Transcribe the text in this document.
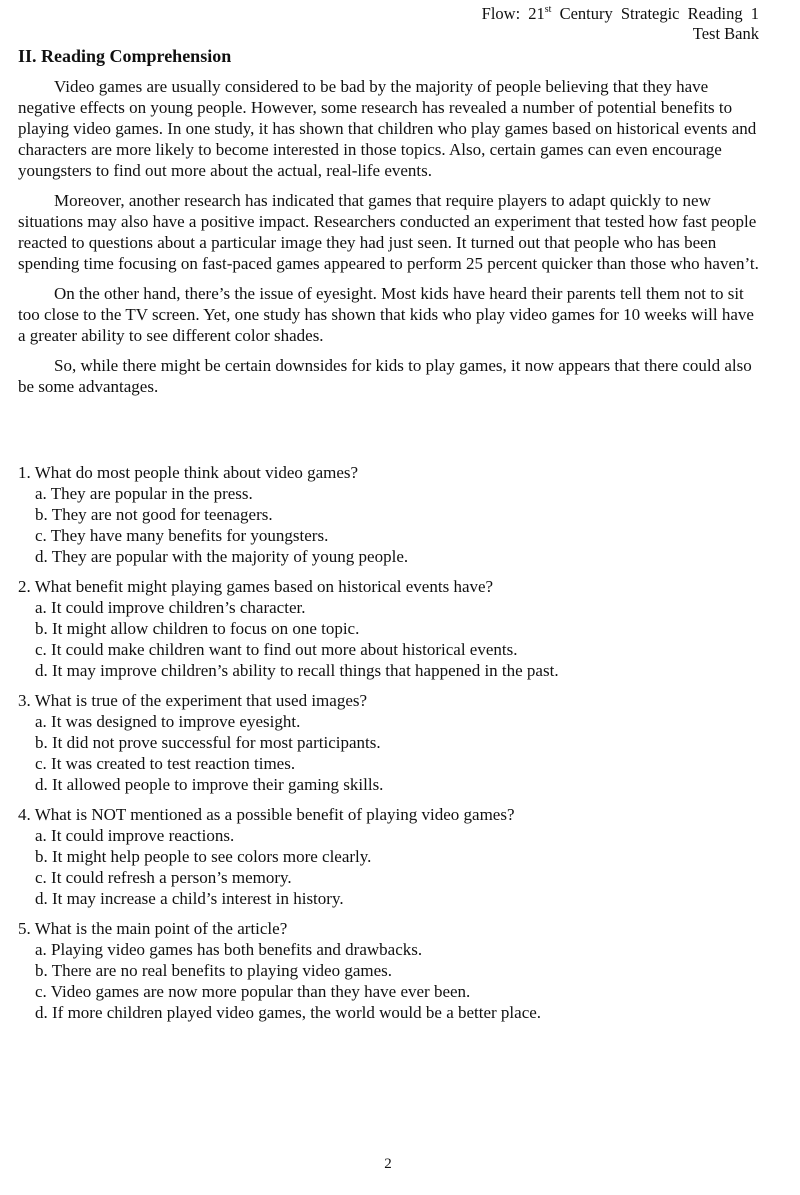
Flow: 21st Century Strategic Reading 1
Test Bank
II. Reading Comprehension

Video games are usually considered to be bad by the majority of people believing that they have negative effects on young people. However, some research has revealed a number of potential benefits to playing video games. In one study, it has shown that children who play games based on historical events and characters are more likely to become interested in those topics. Also, certain games can even encourage youngsters to find out more about the actual, real-life events.

Moreover, another research has indicated that games that require players to adapt quickly to new situations may also have a positive impact. Researchers conducted an experiment that tested how fast people reacted to questions about a particular image they had just seen. It turned out that people who has been spending time focusing on fast-paced games appeared to perform 25 percent quicker than those who haven’t.

On the other hand, there’s the issue of eyesight. Most kids have heard their parents tell them not to sit too close to the TV screen. Yet, one study has shown that kids who play video games for 10 weeks will have a greater ability to see different color shades.

So, while there might be certain downsides for kids to play games, it now appears that there could also be some advantages.

1. What do most people think about video games?

a. They are popular in the press.
b. They are not good for teenagers.
c. They have many benefits for youngsters.
d. They are popular with the majority of young people.

2. What benefit might playing games based on historical events have?

a. It could improve children’s character.
b. It might allow children to focus on one topic.
c. It could make children want to find out more about historical events.
d. It may improve children’s ability to recall things that happened in the past.

3. What is true of the experiment that used images?

a. It was designed to improve eyesight.
b. It did not prove successful for most participants.
c. It was created to test reaction times.
d. It allowed people to improve their gaming skills.

4. What is NOT mentioned as a possible benefit of playing video games?

a. It could improve reactions.
b. It might help people to see colors more clearly.
c. It could refresh a person’s memory.
d. It may increase a child’s interest in history.

5. What is the main point of the article?

a. Playing video games has both benefits and drawbacks.
b. There are no real benefits to playing video games.
c. Video games are now more popular than they have ever been.
d. If more children played video games, the world would be a better place.
2
